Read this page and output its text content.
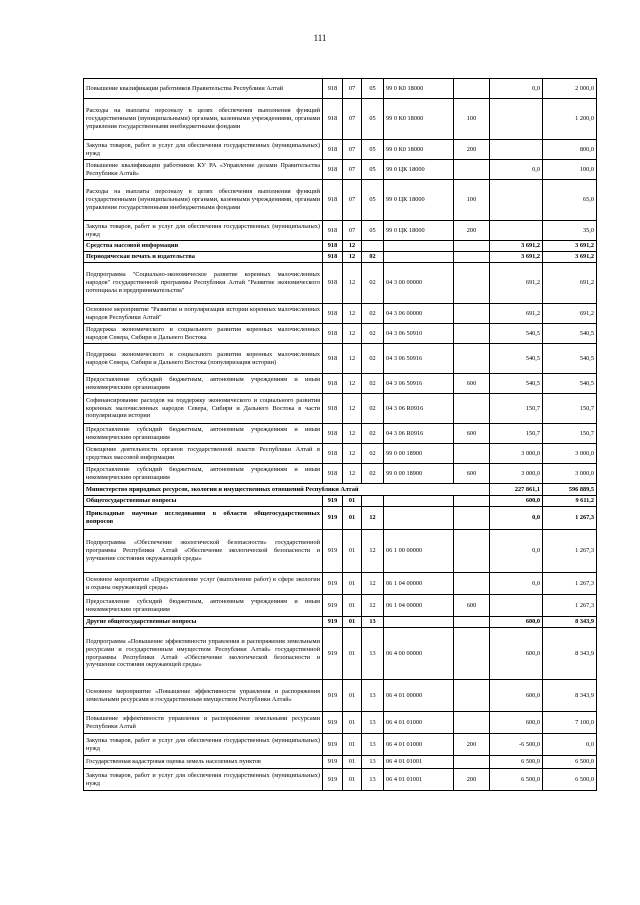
111
Повышение квалификации работников Правительства Республики Алтай	918	07	05	99 0 К0 18000		0,0	2 000,0
Расходы на выплаты персоналу в целях обеспечения выполнения функций государственными (муниципальными) органами, казенными учреждениями, органами управления государственными внебюджетными фондами	918	07	05	99 0 К0 18000	100		1 200,0
Закупка товаров, работ и услуг для обеспечения государственных (муниципальных) нужд	918	07	05	99 0 К0 18000	200		800,0
Повышение квалификации работников КУ РА «Управление делами Правительства Республики Алтай»	918	07	05	99 0 ЦК 18000		0,0	100,0
Расходы на выплаты персоналу в целях обеспечения выполнения функций государственными (муниципальными) органами, казенными учреждениями, органами управления государственными внебюджетными фондами	918	07	05	99 0 ЦК 18000	100		65,0
Закупка товаров, работ и услуг для обеспечения государственных (муниципальных) нужд	918	07	05	99 0 ЦК 18000	200		35,0
Средства массовой информации	918	12				3 691,2	3 691,2
Периодическая печать и издательства	918	12	02			3 691,2	3 691,2
Подпрограмма "Социально-экономическое развитие коренных малочисленных народов" государственной программы Республики Алтай "Развитие экономического потенциала и предпринимательства"	918	12	02	04 3 00 00000		691,2	691,2
Основное мероприятие "Развитие и популяризация истории коренных малочисленных народов Республики Алтай"	918	12	02	04 3 06 00000		691,2	691,2
Поддержка экономического и социального развития коренных малочисленных народов Севера, Сибири и Дальнего Востока	918	12	02	04 3 06 50910		540,5	540,5
Поддержка экономического и социального развития коренных малочисленных народов Севера, Сибири и Дальнего Востока (популяризация истории)	918	12	02	04 3 06 50916		540,5	540,5
Предоставление субсидий бюджетным, автономным учреждениям и иным некоммерческим организациям	918	12	02	04 3 06 50916	600	540,5	540,5
Софинансирование расходов на поддержку экономического и социального развития коренных малочисленных народов Севера, Сибири и Дальнего Востока в части популяризации истории	918	12	02	04 3 06 R0916		150,7	150,7
Предоставление субсидий бюджетным, автономным учреждениям и иным некоммерческим организациям	918	12	02	04 3 06 R0916	600	150,7	150,7
Освещение деятельности органов государственной власти Республики Алтай в средствах массовой информации	918	12	02	99 0 00 18900		3 000,0	3 000,0
Предоставление субсидий бюджетным, автономным учреждениям и иным некоммерческим организациям	918	12	02	99 0 00 18900	600	3 000,0	3 000,0
Министерство природных ресурсов, экологии и имущественных отношений Республики Алтай						227 861,1	596 889,5
Общегосударственные вопросы	919	01				600,0	9 611,2
Прикладные научные исследования в области общегосударственных вопросов	919	01	12			0,0	1 267,3
Подпрограмма «Обеспечение экологической безопасности» государственной программы Республики Алтай «Обеспечение экологической безопасности и улучшение состояния окружающей среды»	919	01	12	06 1 00 00000		0,0	1 267,3
Основное мероприятие «Предоставление услуг (выполнение работ) в сфере экологии и охраны окружающей среды»	919	01	12	06 1 04 00000		0,0	1 267,3
Предоставление субсидий бюджетным, автономным учреждениям и иным некоммерческим организациям	919	01	12	06 1 04 00000	600		1 267,3
Другие общегосударственные вопросы	919	01	13			600,0	8 343,9
Подпрограмма «Повышение эффективности управления и распоряжения земельными ресурсами и государственным имуществом Республики Алтай» государственной программы Республики Алтай «Обеспечение экологической безопасности и улучшение состояния окружающей среды»	919	01	13	06 4 00 00000		600,0	8 343,9
Основное мероприятие «Повышение эффективности управления и распоряжения земельными ресурсами и государственным имуществом Республики Алтай»	919	01	13	06 4 01 00000		600,0	8 343,9
Повышение эффективности управления и распоряжения земельными ресурсами Республики Алтай	919	01	13	06 4 01 01000		600,0	7 100,0
Закупка товаров, работ и услуг для обеспечения государственных (муниципальных) нужд	919	01	13	06 4 01 01000	200	-6 500,0	0,0
Государственная кадастровая оценка земель населенных пунктов	919	01	13	06 4 01 01001		6 500,0	6 500,0
Закупка товаров, работ и услуг для обеспечения государственных (муниципальных) нужд	919	01	13	06 4 01 01001	200	6 500,0	6 500,0
